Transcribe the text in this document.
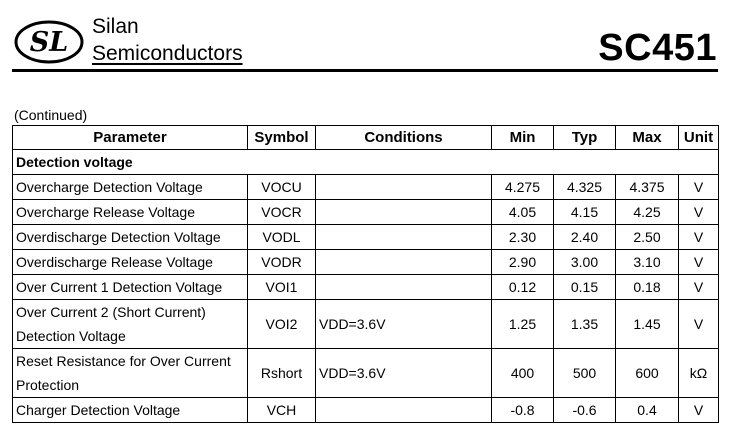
SL
Silan
Semiconductors	SC451
(Continued)
Parameter	Symbol	Conditions	Min	Typ	Max	Unit
Detection voltage						
Overcharge Detection Voltage	VOCU		4.275	4.325	4.375	V
Overcharge Release Voltage	VOCR		4.05	4.15	4.25	V
Overdischarge Detection Voltage	VODL		2.30	2.40	2.50	V
Overdischarge Release Voltage	VODR		2.90	3.00	3.10	V
Over Current 1 Detection Voltage	VOI1		0.12	0.15	0.18	V
Over Current 2 (Short Current) Detection Voltage	VOI2	VDD=3.6V	1.25	1.35	1.45	V
Reset Resistance for Over Current Protection	Rshort	VDD=3.6V	400	500	600	kΩ
Charger Detection Voltage	VCH		-0.8	-0.6	0.4	V
